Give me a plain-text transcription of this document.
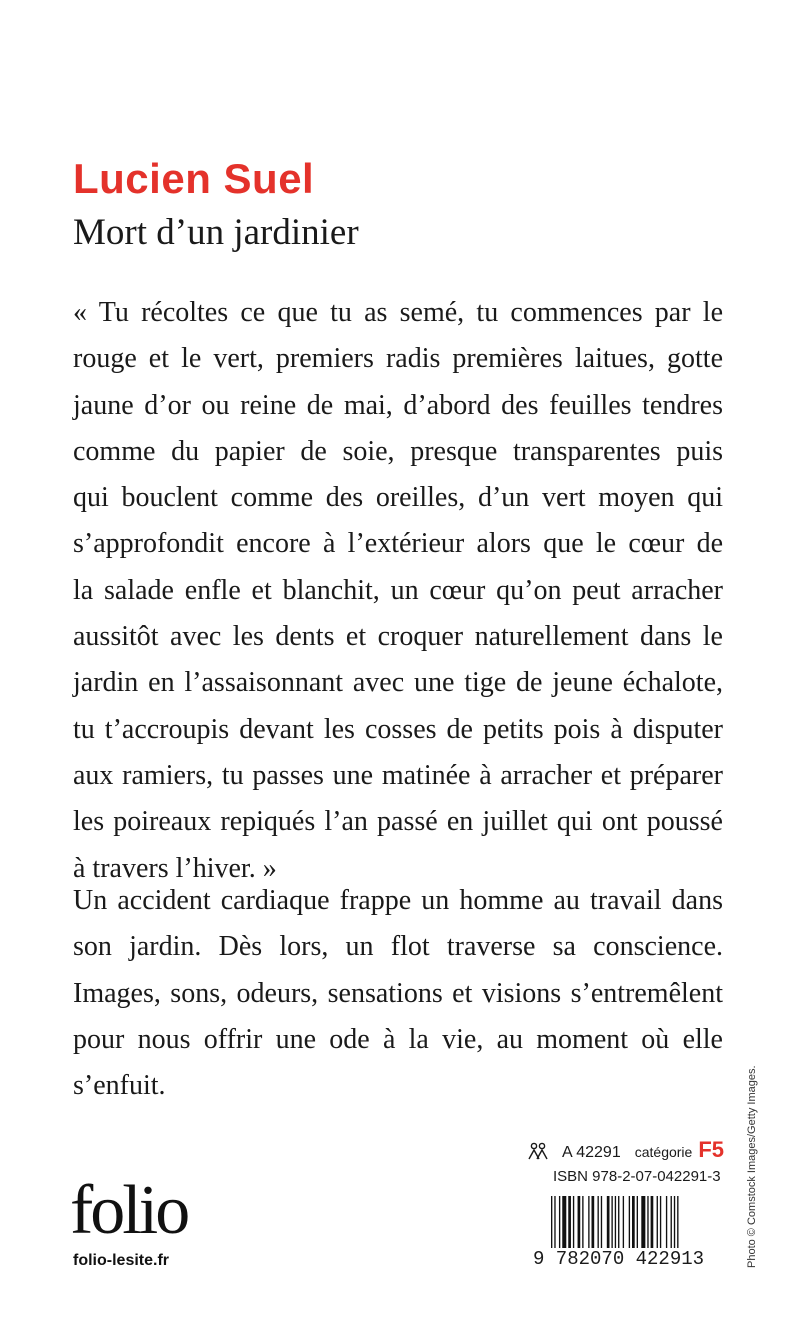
Lucien Suel
Mort d’un jardinier
« Tu récoltes ce que tu as semé, tu commences par le
rouge et le vert, premiers radis premières laitues, gotte
jaune d’or ou reine de mai, d’abord des feuilles tendres
comme du papier de soie, presque transparentes puis
qui bouclent comme des oreilles, d’un vert moyen qui
s’approfondit encore à l’extérieur alors que le cœur de
la salade enfle et blanchit, un cœur qu’on peut arracher
aussitôt avec les dents et croquer naturellement dans le
jardin en l’assaisonnant avec une tige de jeune échalote,
tu t’accroupis devant les cosses de petits pois à disputer
aux ramiers, tu passes une matinée à arracher et préparer
les poireaux repiqués l’an passé en juillet qui ont poussé
à travers l’hiver. »
Un accident cardiaque frappe un homme au travail dans
son jardin. Dès lors, un flot traverse sa conscience.
Images, sons, odeurs, sensations et visions s’entremêlent
pour nous offrir une ode à la vie, au moment où elle
s’enfuit.	Photo © Comstock Images/Getty Images.
A 42291 catégorie F5
ISBN 978-2-07-042291-3
9 782070 422913
folio
folio-lesite.fr
